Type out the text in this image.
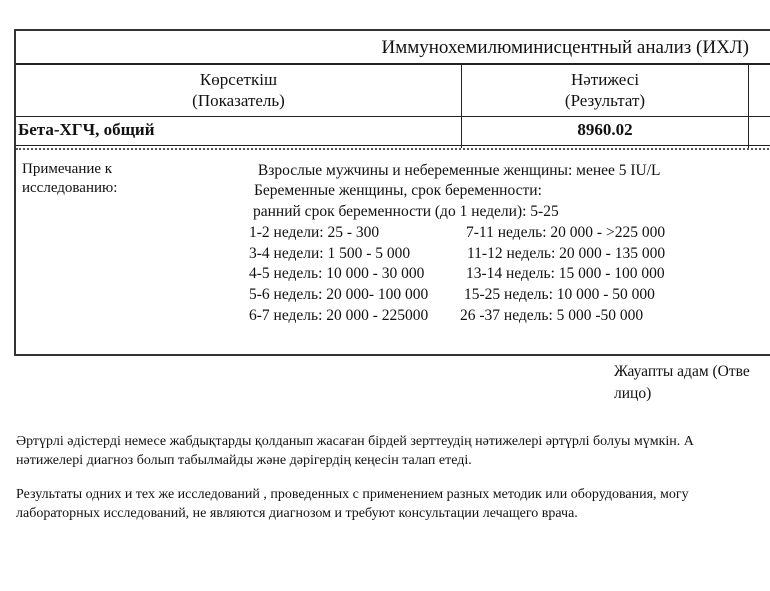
Иммунохемилюминисцентный анализ (ИХЛ)
Көрсеткіш
(Показатель)
Нәтижесі
(Результат)
Бета-ХГЧ, общий	8960.02
Примечание к
исследованию:
Взрослые мужчины и небеременные женщины: менее 5 IU/L
Беременные женщины, срок беременности:
ранний срок беременности (до 1 недели): 5-25
1-2 недели: 25 - 300	7-11 недель: 20 000 - >225 000
3-4 недели: 1 500 - 5 000	11-12 недель: 20 000 - 135 000
4-5 недель: 10 000 - 30 000	13-14 недель: 15 000 - 100 000
5-6 недель: 20 000- 100 000 15-25 недель: 10 000 - 50 000
6-7 недель: 20 000 - 225000 26 -37 недель: 5 000 -50 000
Жауапты адам (Отве
лицо)
Әртүрлі әдістерді немесе жабдықтарды қолданып жасаған бірдей зерттеудің нәтижелері әртүрлі болуы мүмкін. А
нәтижелері диагноз болып табылмайды және дәрігердің кеңесін талап етеді.
Результаты одних и тех же исследований , проведенных с применением разных методик или оборудования, могу
лабораторных исследований, не являются диагнозом и требуют консультации лечащего врача.
